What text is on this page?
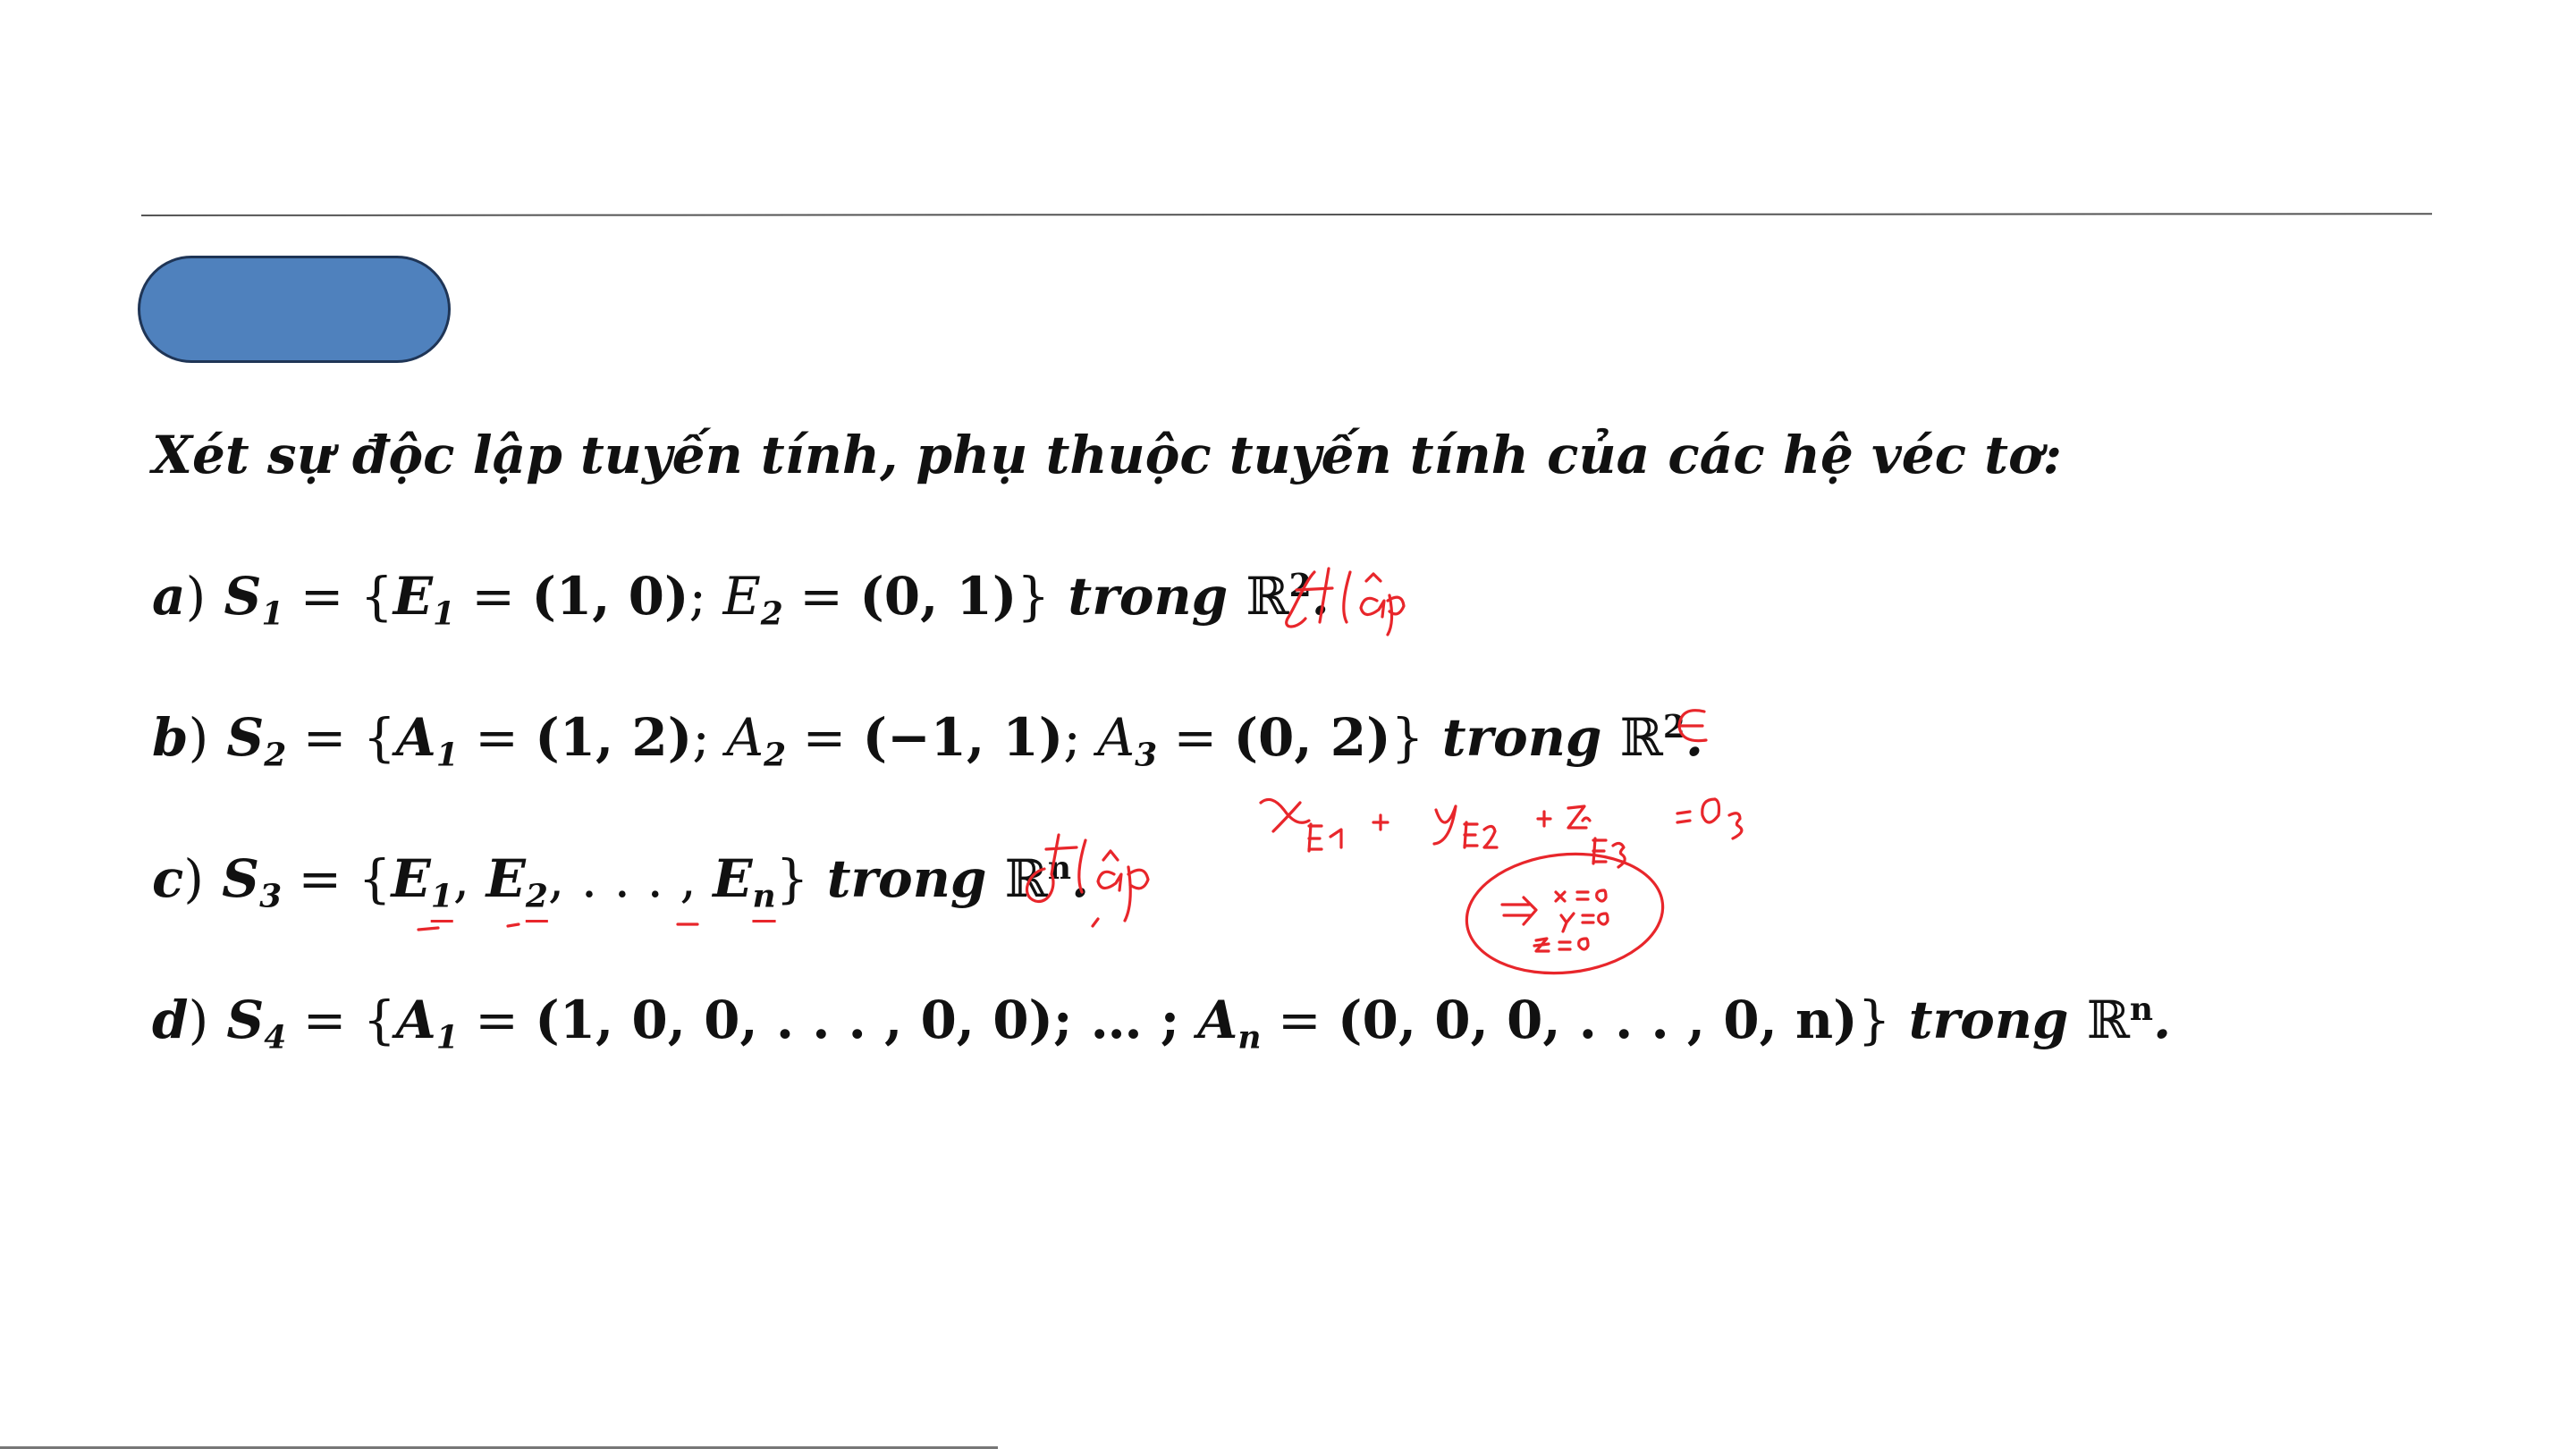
Xét sự độc lập tuyến tính, phụ thuộc tuyến tính của các hệ véc tơ:
a) $S_1 = \{E_1 = (1$, 0); $E_2 = (0$, 1)} trong ℝ$^2$.
b) $S_2 = \{A_1 = (1$, 2); $A_2 = (-1$, 1); $A_3 = (0$, 2)} trong ℝ$^2$.
c) $S_3 = \{E_1$, $E_2$, . . . , $E_n$} trong ℝ$^n$.
d) $S_4 = \{A_1 = (1$, 0, 0, . . . , 0, 0); … ; $A_n = (0$, 0, 0, . . . , 0, n)} trong ℝ$^n$.
